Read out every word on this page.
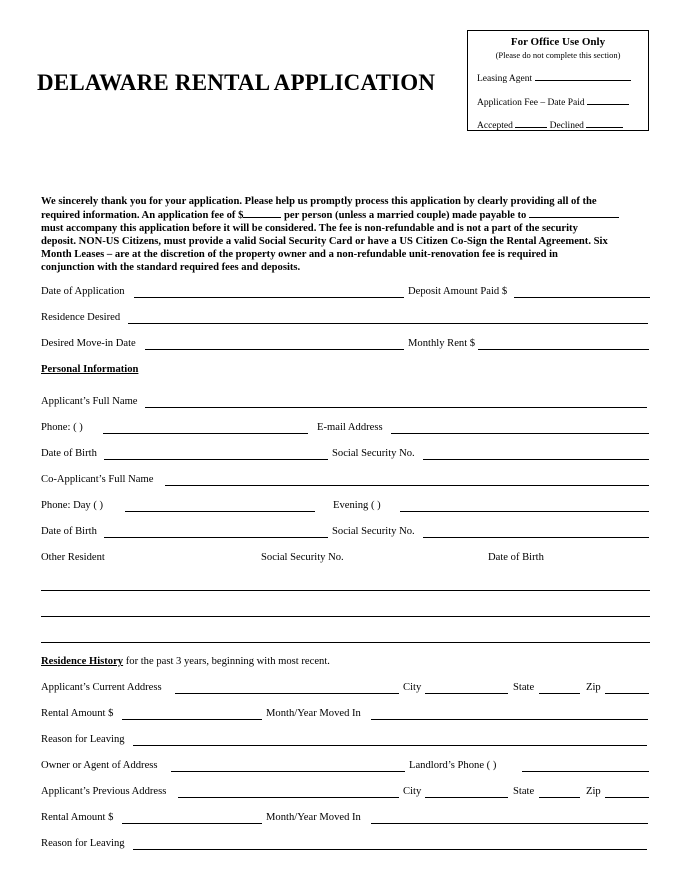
DELAWARE RENTAL APPLICATION
For Office Use Only
(Please do not complete this section)
Leasing Agent
Application Fee – Date Paid
Accepted	Declined
We sincerely thank you for your application. Please help us promptly process this application by clearly providing all of the
required information. An application fee of $	per person (unless a married couple) made payable to
must accompany this application before it will be considered. The fee is non-refundable and is not a part of the security
deposit. NON-US Citizens, must provide a valid Social Security Card or have a US Citizen Co-Sign the Rental Agreement. Six
Month Leases – are at the discretion of the property owner and a non-refundable unit-renovation fee is required in
conjunction with the standard required fees and deposits.
Date of Application	Deposit Amount Paid $
Residence Desired
Desired Move-in Date	Monthly Rent $
Personal Information
Applicant’s Full Name
Phone: ( )	E-mail Address
Date of Birth	Social Security No.
Co-Applicant’s Full Name
Phone: Day ( )	Evening ( )
Date of Birth	Social Security No.
Other Resident	Social Security No.	Date of Birth
Residence History for the past 3 years, beginning with most recent.
Applicant’s Current Address	City	State	Zip
Rental Amount $	Month/Year Moved In
Reason for Leaving
Owner or Agent of Address	Landlord’s Phone ( )
Applicant’s Previous Address	City	State	Zip
Rental Amount $	Month/Year Moved In
Reason for Leaving
